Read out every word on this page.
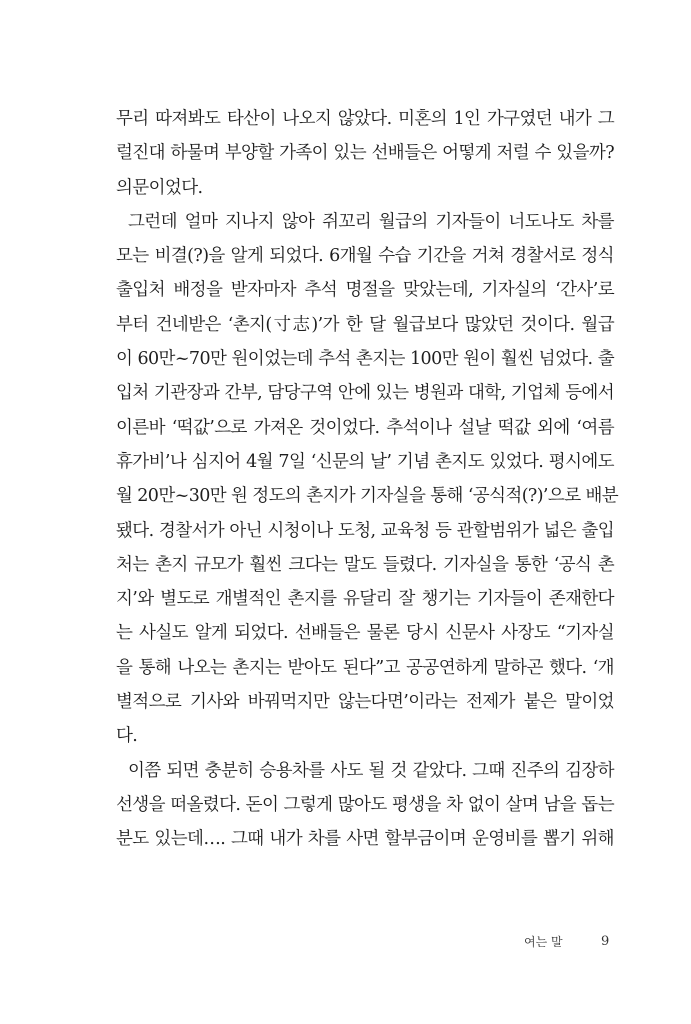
무리 따져봐도 타산이 나오지 않았다. 미혼의 1인 가구였던 내가 그
럴진대 하물며 부양할 가족이 있는 선배들은 어떻게 저럴 수 있을까?
의문이었다.
그런데 얼마 지나지 않아 쥐꼬리 월급의 기자들이 너도나도 차를
모는 비결(?)을 알게 되었다. 6개월 수습 기간을 거쳐 경찰서로 정식
출입처 배정을 받자마자 추석 명절을 맞았는데, 기자실의 ‘간사’로
부터 건네받은 ‘촌지(寸志)’가 한 달 월급보다 많았던 것이다. 월급
이 60만~70만 원이었는데 추석 촌지는 100만 원이 훨씬 넘었다. 출
입처 기관장과 간부, 담당구역 안에 있는 병원과 대학, 기업체 등에서
이른바 ‘떡값’으로 가져온 것이었다. 추석이나 설날 떡값 외에 ‘여름
휴가비’나 심지어 4월 7일 ‘신문의 날’ 기념 촌지도 있었다. 평시에도
월 20만~30만 원 정도의 촌지가 기자실을 통해 ‘공식적(?)’으로 배분
됐다. 경찰서가 아닌 시청이나 도청, 교육청 등 관할범위가 넓은 출입
처는 촌지 규모가 훨씬 크다는 말도 들렸다. 기자실을 통한 ‘공식 촌
지’와 별도로 개별적인 촌지를 유달리 잘 챙기는 기자들이 존재한다
는 사실도 알게 되었다. 선배들은 물론 당시 신문사 사장도 “기자실
을 통해 나오는 촌지는 받아도 된다”고 공공연하게 말하곤 했다. ‘개
별적으로 기사와 바꿔먹지만 않는다면’이라는 전제가 붙은 말이었
다.
이쯤 되면 충분히 승용차를 사도 될 것 같았다. 그때 진주의 김장하
선생을 떠올렸다. 돈이 그렇게 많아도 평생을 차 없이 살며 남을 돕는
분도 있는데…. 그때 내가 차를 사면 할부금이며 운영비를 뽑기 위해
여는 말	9
